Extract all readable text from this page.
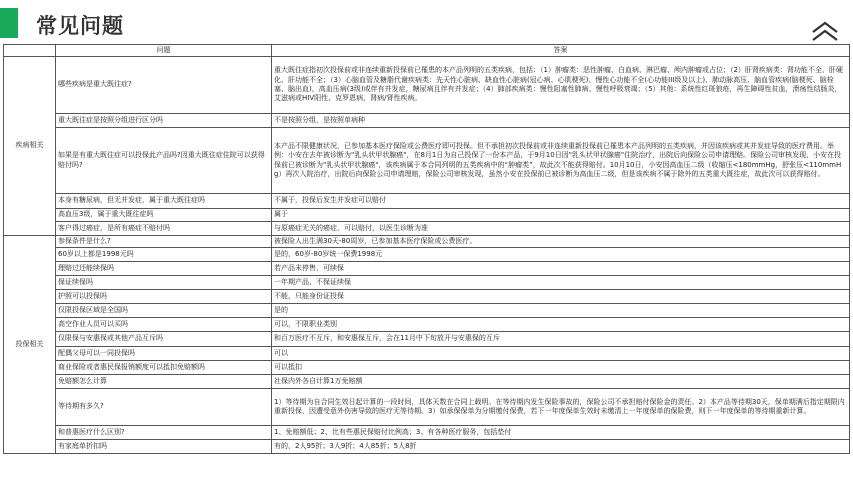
常见问题
	问题	答案
疾病相关	哪些疾病是重大既往症?	重大既往症指初次投保前或非连续重新投保前已罹患的本产品列明的五类疾病，包括：（1）肿瘤类：恶性肿瘤、白血病、淋巴瘤、颅内肿瘤或占位；（2）肝肾疾病类：肾功能不全、肝硬化、肝功能不全；（3）心脑血管及糖脂代谢疾病类：先天性心脏病、缺血性心脏病(冠心病、心肌梗死)、慢性心功能不全(心功能III级及以上)、肺动脉高压、脑血管疾病(脑梗死、脑栓塞、脑出血)，高血压病(3级)或伴有并发症，糖尿病且伴有并发症；（4）肺部疾病类：慢性阻塞性肺病、慢性呼吸衰竭；（5）其他：系统性红斑狼疮，再生障碍性贫血，溃疡性结肠炎，艾滋病或HIV阳性、克罗恩病，肾病/肾性疾病。
	重大既往症是按照分组进行区分吗	不是按照分组，是按照单病种
	如果是有重大既往症可以投保此产品吗?因重大既往症住院可以获得赔付吗?	本产品不限健康状况，已参加基本医疗保险或公费医疗即可投保。但不承担初次投保前或非连续重新投保前已罹患本产品列明的五类疾病，并因该疾病或其并发症导致的医疗费用。举例：小安在去年被诊断为"乳头状甲状腺癌"，在8月1日为自己投保了一份本产品，于9月10日因"乳头状甲状腺癌"住院治疗，出院后向保险公司申请理赔。保险公司审核发现，小安在投保前已被诊断为"乳头状甲状腺癌"，该疾病属于本合同列明的五类疾病中的“肿瘤类”，故此次不能获得赔付。10月10日，小安因高血压二级（收缩压<180mmHg，舒张压<110mmHg）再次入院治疗，出院后向保险公司申请理赔，保险公司审核发现，虽然小安在投保前已被诊断为高血压二级，但是该疾病不属于除外的五类重大既往症，故此次可以获得赔付。
	本身有糖尿病，但无并发症，属于重大既往症吗	不属于，投保后发生并发症可以赔付
	高血压3级，属于重大既往症吗	属于
	客户得过癌症，是所有癌症不赔付吗	与原癌症无关的癌症，可以赔付，以医生诊断为准
投保相关	参保条件是什么?	被保险人出生满30天-80周岁，已参加基本医疗保险或公费医疗。
	60岁以上都是1998元吗	是的，60岁-80岁统一保费1998元
	理赔过还能续保吗	若产品未停售，可续保
	保证续保吗	一年期产品，不保证续保
	护照可以投保吗	不能，只能身份证投保
	仅限投保区域是全国吗	是的
	高空作业人员可以买吗	可以，不限职业类别
	仅限保与安惠保或其他产品互斥吗	和百万医疗不互斥，和安惠保互斥，会在11月中下旬放开与安惠保的互斥
	配偶父母可以一同投保吗	可以
	商业保险或者惠民保报销额度可以抵扣免赔额吗	可以抵扣
	免赔额怎么计算	社保内外各自计算1万免赔额
	等待期有多久?	1）等待期为自合同生效日起计算的一段时间，具体天数在合同上载明。在等待期内发生保险事故的，保险公司不承担赔付保险金的责任。2）本产品等待期30天，保单期满后指定期限内重新投保，因遭受意外伤害导致的医疗无等待期。3）如承保保单为分期缴付保费，若下一年度保单生效时未缴清上一年度保单的保险费，则下一年度保单的等待期重新计算。
	和普惠医疗什么区别?	1、免赔额低；2、比有些惠民保赔付比例高；3、有各种医疗服务，包括垫付
	有家庭单折扣吗	有的，2人95折；3人9折；4人85折；5人8折
